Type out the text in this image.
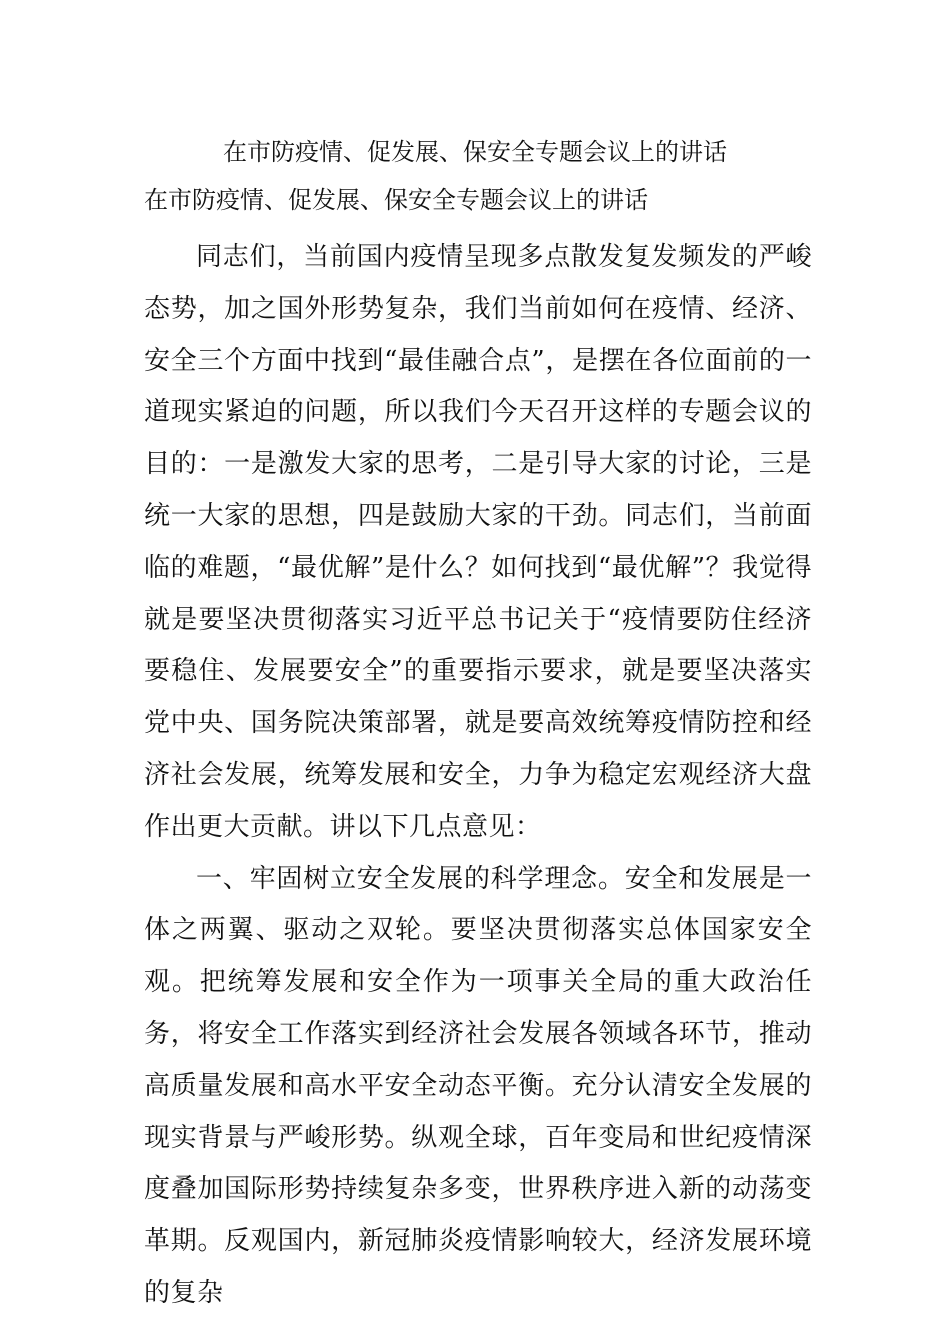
在市防疫情、促发展、保安全专题会议上的讲话
在市防疫情、促发展、保安全专题会议上的讲话

同志们，当前国内疫情呈现多点散发复发频发的严峻态势，加之国外形势复杂，我们当前如何在疫情、经济、安全三个方面中找到“最佳融合点”，是摆在各位面前的一道现实紧迫的问题，所以我们今天召开这样的专题会议的目的：一是激发大家的思考，二是引导大家的讨论，三是统一大家的思想，四是鼓励大家的干劲。同志们，当前面临的难题，“最优解”是什么？如何找到“最优解”？我觉得就是要坚决贯彻落实习近平总书记关于“疫情要防住经济要稳住、发展要安全”的重要指示要求，就是要坚决落实党中央、国务院决策部署，就是要高效统筹疫情防控和经济社会发展，统筹发展和安全，力争为稳定宏观经济大盘作出更大贡献。讲以下几点意见：

一、牢固树立安全发展的科学理念。安全和发展是一体之两翼、驱动之双轮。要坚决贯彻落实总体国家安全观。把统筹发展和安全作为一项事关全局的重大政治任务，将安全工作落实到经济社会发展各领域各环节，推动高质量发展和高水平安全动态平衡。充分认清安全发展的现实背景与严峻形势。纵观全球，百年变局和世纪疫情深度叠加国际形势持续复杂多变，世界秩序进入新的动荡变革期。反观国内，新冠肺炎疫情影响较大，经济发展环境的复杂
